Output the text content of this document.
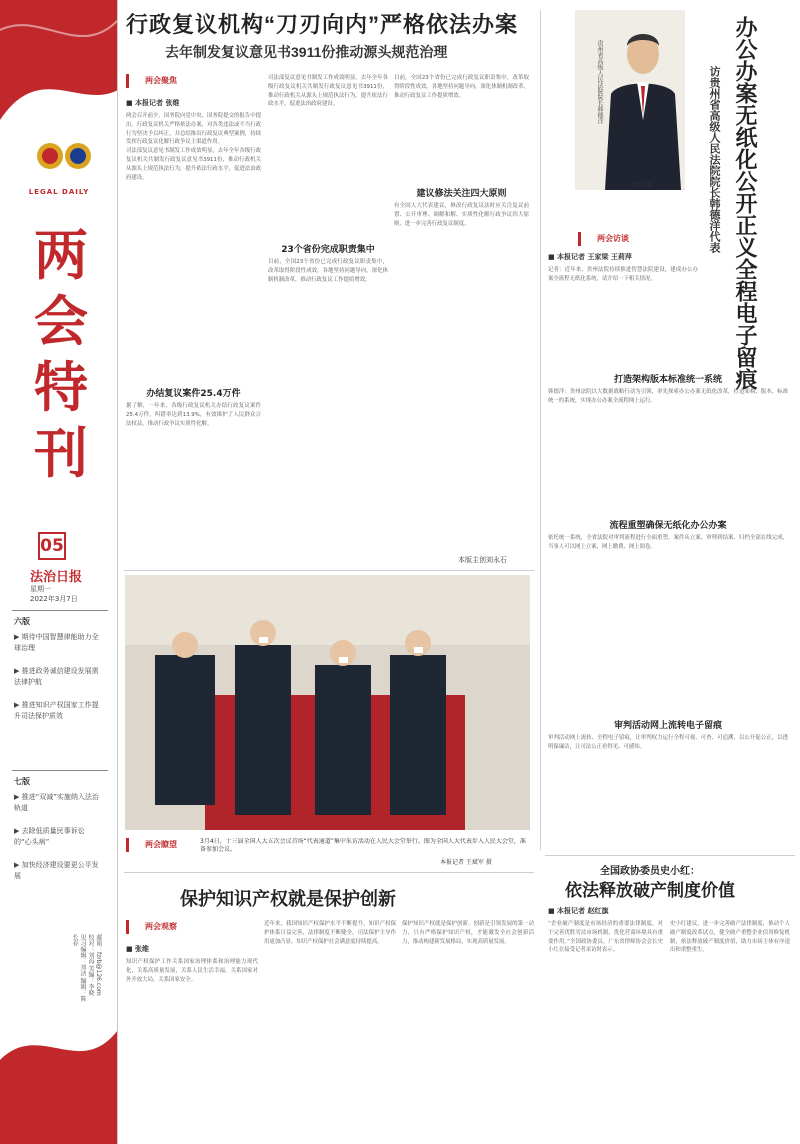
LEGAL DAILY
两会特刊
05
法治日报
星期一
2022年3月7日
六版
▶ 期待中国智慧律能助力全球治理
▶ 推进政务诚信建设发展需法律护航
▶ 推进知识产权国家工作提升司法保护质效
七版
▶ 推进“双减”实施纳入法治轨道
▶ 去除低质量民事诉讼的“心头病”
▶ 加快经济建设要更公平发展
邮箱：fzrb@126.com 校对：刘海 美编：李晓 见习编辑：刘洁 编辑：陈长春
行政复议机构“刀刃向内”严格依法办案
去年制发复议意见书3911份推动源头规范治理
两会聚焦
■ 本报记者 张维

两会召开前夕，国务院向党中央、国务院提交的报告中提出，行政复议机关严格依法办案，对各类违法或不当行政行为坚决予以纠正，并总结推出行政复议典型案例，持续发挥行政复议化解行政争议主渠道作用。

司法部复议意见书制发工作成效明显，去年全年各级行政复议机关共制发行政复议意见书3911份，推动行政机关从源头上规范执法行为，提升依法行政水平，促进法治政府建设。

办结复议案件25.4万件

据了解，一年来，各级行政复议机关办结行政复议案件25.4万件，纠错率达到13.9%，有效维护了人民群众合法权益，推动行政争议实质性化解。

司法部复议意见书制发工作成效明显，去年全年各级行政复议机关共制发行政复议意见书3911份，推动行政机关从源头上规范执法行为，提升依法行政水平，促进法治政府建设。

23个省份完成职责集中

目前，全国23个省份已完成行政复议职责集中，改革取得阶段性成效。各地坚持问题导向，深化体制机制改革，推动行政复议工作提质增效。

目前，全国23个省份已完成行政复议职责集中，改革取得阶段性成效。各地坚持问题导向，深化体制机制改革，推动行政复议工作提质增效。

建议修法关注四大原则

有全国人大代表建议，修改行政复议法时应关注复议前置、公开审理、调解和解、实质性化解行政争议四大原则，进一步完善行政复议制度。

本版主创刘永石
贵州省高级人民法院院长韩德洋
杜晓 摄	办公办案无纸化公开正义全程电子留痕
访贵州省高级人民法院院长韩德洋代表
两会访谈
■ 本报记者 王家梁 王莉萍

记者：近年来，贵州法院持续推进智慧法院建设，建成办公办案全流程无纸化系统，请介绍一下相关情况。

打造架构版本标准统一系统

韩德洋：贵州法院以大数据战略行动为引领，率先探索办公办案无纸化改革，打造架构、版本、标准统一的系统，实现办公办案全流程网上运行。

流程重塑确保无纸化办公办案

依托统一系统，全省法院对审判流程进行全面重塑，案件从立案、审理到结案、归档全部在线完成，当事人可以网上立案、网上缴费、网上阅卷。

审判活动网上流转电子留痕

审判活动网上流转、全程电子留痕，让审判权力运行全程可视、可查、可追溯，以公开促公正，以透明保廉洁，让司法公正看得见、可感知。

两会瞭望	3月4日，十三届全国人大五次会议首场“代表通道”集中采访活动在人民大会堂举行。图为全国人大代表步入人民大会堂，准备参加会议。
本报记者 王斌军 摄
保护知识产权就是保护创新
两会观察
■ 张维

知识产权保护工作关系国家治理体系和治理能力现代化，关系高质量发展，关系人民生活幸福，关系国家对外开放大局，关系国家安全。

近年来，我国知识产权保护水平不断提升，知识产权保护体系日益完善，法律制度不断健全，司法保护主导作用更加凸显，知识产权保护社会满意度持续提高。

保护知识产权就是保护创新。创新是引领发展的第一动力，只有严格保护知识产权，才能激发全社会创新活力，推动构建新发展格局，实现高质量发展。

全国政协委员史小红：
依法释放破产制度价值
■ 本报记者 赵红旗

“企业破产制度是市场经济的重要法律制度，对于完善优胜劣汰市场机制、优化营商环境具有重要作用。”全国政协委员、广东省律师协会会长史小红在接受记者采访时表示。

史小红建议，进一步完善破产法律制度，推动个人破产制度改革试点，健全破产重整企业信用修复机制，依法释放破产制度价值，助力市场主体有序退出和重整重生。
